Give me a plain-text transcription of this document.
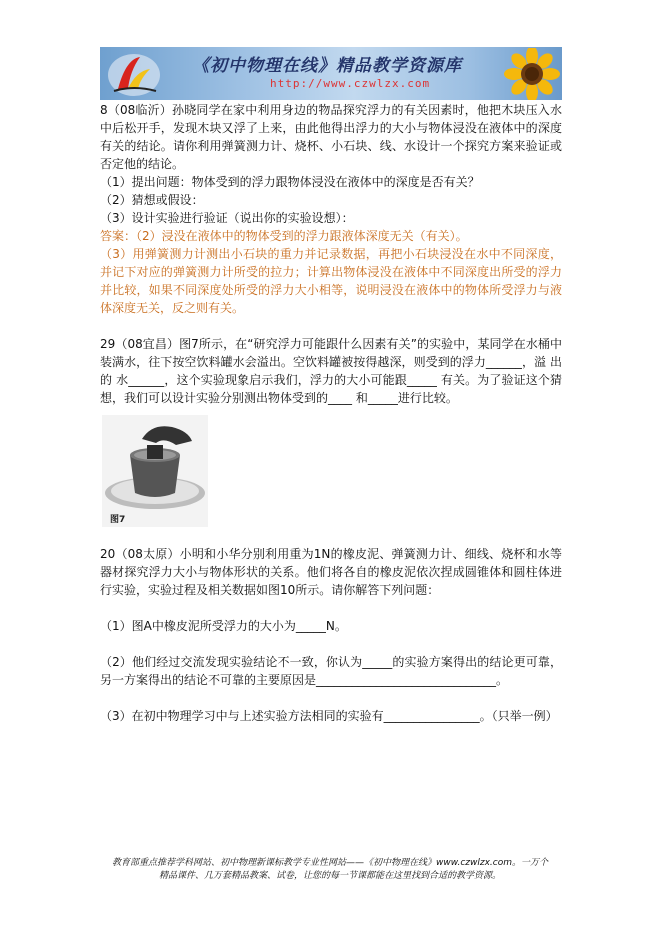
《初中物理在线》精品教学资源库
http://www.czwlzx.com

8（08临沂）孙晓同学在家中利用身边的物品探究浮力的有关因素时，他把木块压入水中后松开手，发现木块又浮了上来，由此他得出浮力的大小与物体浸没在液体中的深度有关的结论。请你利用弹簧测力计、烧杯、小石块、线、水设计一个探究方案来验证或否定他的结论。

（1）提出问题：物体受到的浮力跟物体浸没在液体中的深度是否有关？

（2）猜想或假设：

（3）设计实验进行验证（说出你的实验设想）：

答案：（2）浸没在液体中的物体受到的浮力跟液体深度无关（有关）。

（3）用弹簧测力计测出小石块的重力并记录数据，再把小石块浸没在水中不同深度，并记下对应的弹簧测力计所受的拉力；计算出物体浸没在液体中不同深度出所受的浮力并比较，如果不同深度处所受的浮力大小相等，说明浸没在液体中的物体所受浮力与液体深度无关，反之则有关。

29（08宜昌）图7所示，在“研究浮力可能跟什么因素有关”的实验中，某同学在水桶中装满水，往下按空饮料罐水会溢出。空饮料罐被按得越深，则受到的浮力______，溢 出 的 水______，这个实验现象启示我们，浮力的大小可能跟_____ 有关。为了验证这个猜想，我们可以设计实验分别测出物体受到的____ 和_____进行比较。

图7

20（08太原）小明和小华分别利用重为1N的橡皮泥、弹簧测力计、细线、烧杯和水等器材探究浮力大小与物体形状的关系。他们将各自的橡皮泥依次捏成圆锥体和圆柱体进行实验，实验过程及相关数据如图10所示。请你解答下列问题：

（1）图A中橡皮泥所受浮力的大小为_____N。

（2）他们经过交流发现实验结论不一致，你认为_____的实验方案得出的结论更可靠，另一方案得出的结论不可靠的主要原因是______________________________。

（3）在初中物理学习中与上述实验方法相同的实验有________________。（只举一例）

教育部重点推荐学科网站、初中物理新课标教学专业性网站——《初中物理在线》www.czwlzx.com。一万个
精品课件、几万套精品教案、试卷，让您的每一节课都能在这里找到合适的教学资源。
